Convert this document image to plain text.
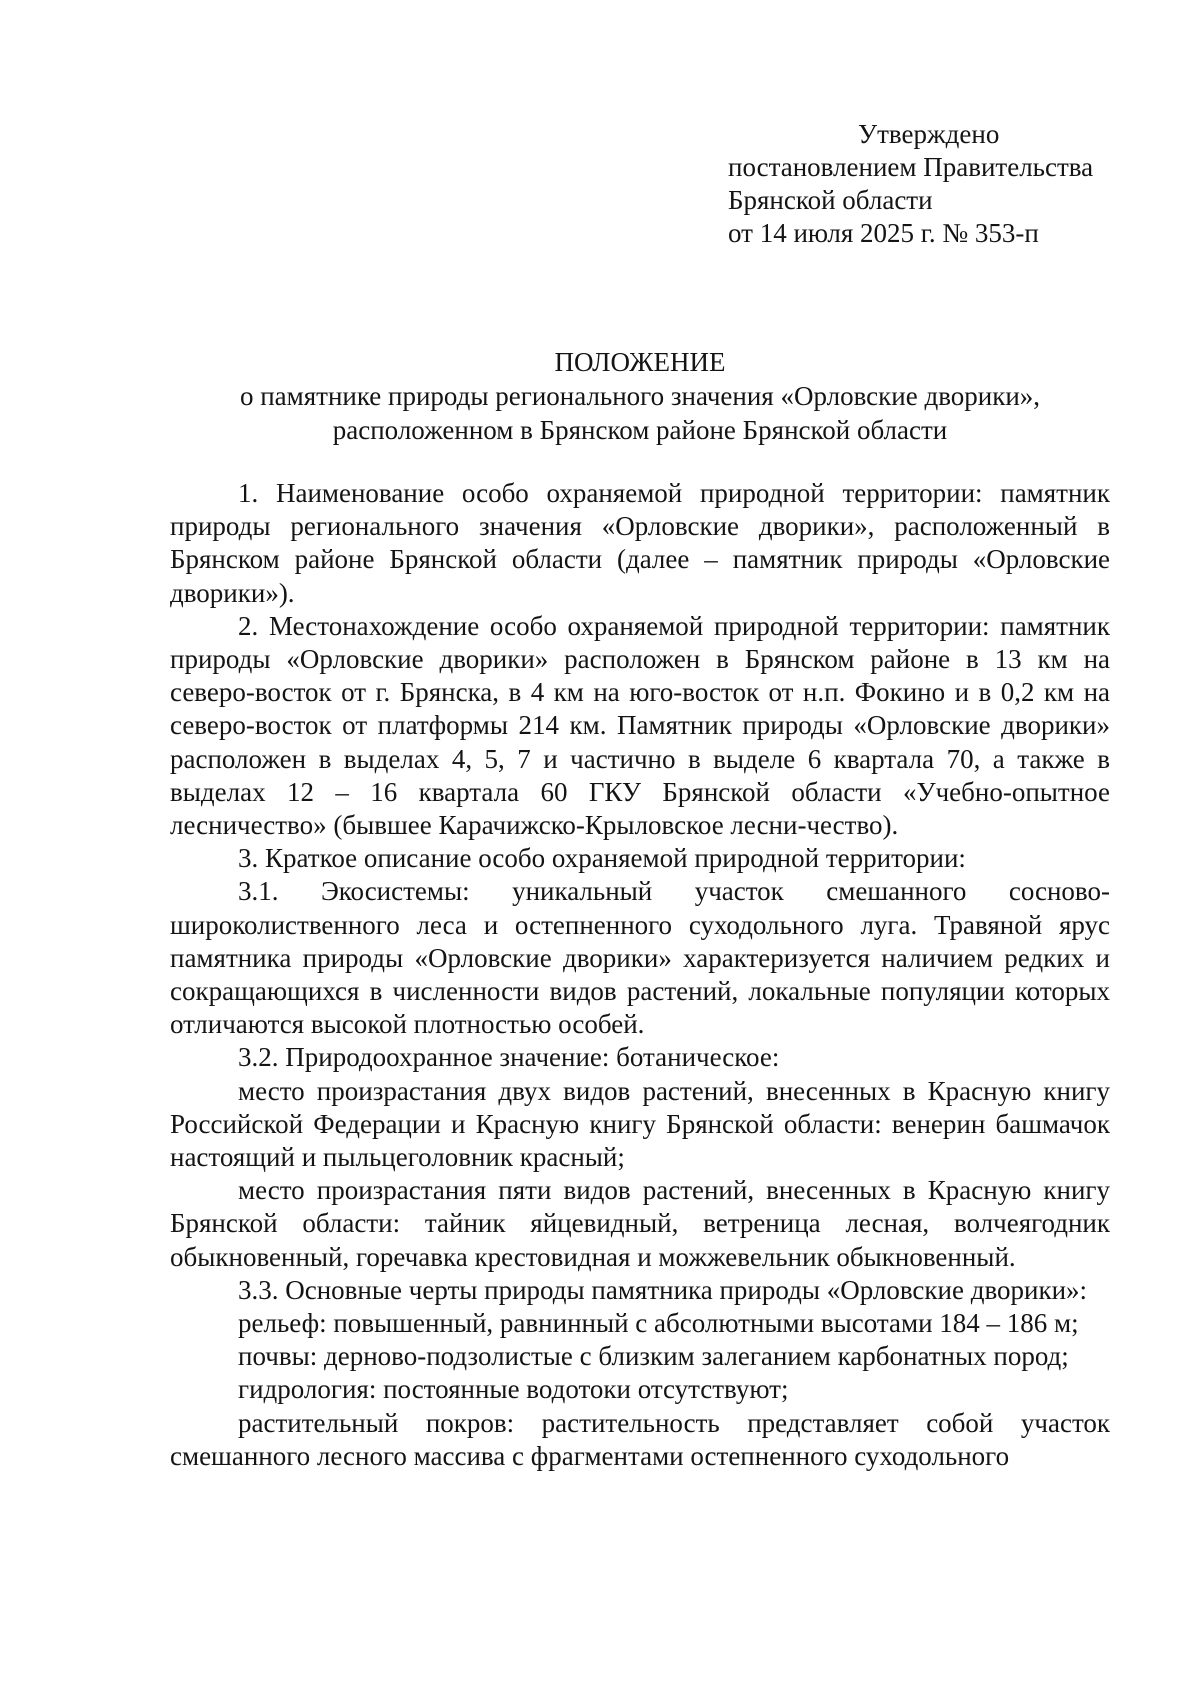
Утверждено
постановлением Правительства
Брянской области
от 14 июля 2025 г. № 353-п
ПОЛОЖЕНИЕ
о памятнике природы регионального значения «Орловские дворики»,
расположенном в Брянском районе Брянской области

1. Наименование особо охраняемой природной территории: памятник природы регионального значения «Орловские дворики», расположенный в Брянском районе Брянской области (далее – памятник природы «Орловские дворики»).

2. Местонахождение особо охраняемой природной территории: памятник природы «Орловские дворики» расположен в Брянском районе в 13 км на северо-восток от г. Брянска, в 4 км на юго-восток от н.п. Фокино и в 0,2 км на северо-восток от платформы 214 км. Памятник природы «Орловские дворики» расположен в выделах 4, 5, 7 и частично в выделе 6 квартала 70, а также в выделах 12 – 16 квартала 60 ГКУ Брянской области «Учебно-опытное лесничество» (бывшее Карачижско-Крыловское лесни-чество).

3. Краткое описание особо охраняемой природной территории:

3.1. Экосистемы: уникальный участок смешанного сосново-широколиственного леса и остепненного суходольного луга. Травяной ярус памятника природы «Орловские дворики» характеризуется наличием редких и сокращающихся в численности видов растений, локальные популяции которых отличаются высокой плотностью особей.

3.2. Природоохранное значение: ботаническое:

место произрастания двух видов растений, внесенных в Красную книгу Российской Федерации и Красную книгу Брянской области: венерин башмачок настоящий и пыльцеголовник красный;

место произрастания пяти видов растений, внесенных в Красную книгу Брянской области: тайник яйцевидный, ветреница лесная, волчеягодник обыкновенный, горечавка крестовидная и можжевельник обыкновенный.

3.3. Основные черты природы памятника природы «Орловские дворики»:

рельеф: повышенный, равнинный с абсолютными высотами 184 – 186 м;

почвы: дерново-подзолистые с близким залеганием карбонатных пород;

гидрология: постоянные водотоки отсутствуют;

растительный покров: растительность представляет собой участок смешанного лесного массива с фрагментами остепненного суходольного
